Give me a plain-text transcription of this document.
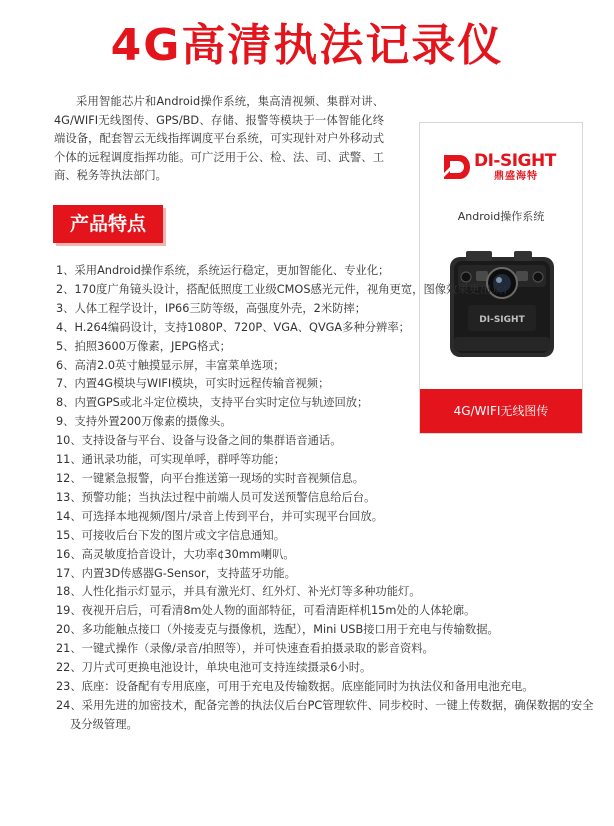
4G高清执法记录仪
采用智能芯片和Android操作系统，集高清视频、集群对讲、4G/WIFI无线图传、GPS/BD、存储、报警等模块于一体智能化终端设备，配套智云无线指挥调度平台系统，可实现针对户外移动式个体的远程调度指挥功能。可广泛用于公、检、法、司、武警、工商、税务等执法部门。
产品特点
DI-SIGHT
鼎盛海特
Android操作系统
DI-SIGHT
4G/WIFI无线图传
1、采用Android操作系统，系统运行稳定，更加智能化、专业化；
2、170度广角镜头设计，搭配低照度工业级CMOS感光元件，视角更宽，图像效果更出众；
3、人体工程学设计，IP66三防等级，高强度外壳，2米防摔；
4、H.264编码设计，支持1080P、720P、VGA、QVGA多种分辨率；
5、拍照3600万像素，JEPG格式；
6、高清2.0英寸触摸显示屏，丰富菜单选项；
7、内置4G模块与WIFI模块，可实时远程传输音视频；
8、内置GPS或北斗定位模块，支持平台实时定位与轨迹回放；
9、支持外置200万像素的摄像头。
10、支持设备与平台、设备与设备之间的集群语音通话。
11、通讯录功能，可实现单呼，群呼等功能；
12、一键紧急报警，向平台推送第一现场的实时音视频信息。
13、预警功能；当执法过程中前端人员可发送预警信息给后台。
14、可选择本地视频/图片/录音上传到平台，并可实现平台回放。
15、可接收后台下发的图片或文字信息通知。
16、高灵敏度拾音设计，大功率¢30mm喇叭。
17、内置3D传感器G-Sensor，支持蓝牙功能。
18、人性化指示灯显示，并具有激光灯、红外灯、补光灯等多种功能灯。
19、夜视开启后，可看清8m处人物的面部特征，可看清距样机15m处的人体轮廓。
20、多功能触点接口（外接麦克与摄像机，选配），Mini USB接口用于充电与传输数据。
21、一键式操作（录像/录音/拍照等），并可快速查看拍摄录取的影音资料。
22、刀片式可更换电池设计，单块电池可支持连续摄录6小时。
23、底座：设备配有专用底座，可用于充电及传输数据。底座能同时为执法仪和备用电池充电。
24、采用先进的加密技术，配备完善的执法仪后台PC管理软件、同步校时、一键上传数据，确保数据的安全及分级管理。
